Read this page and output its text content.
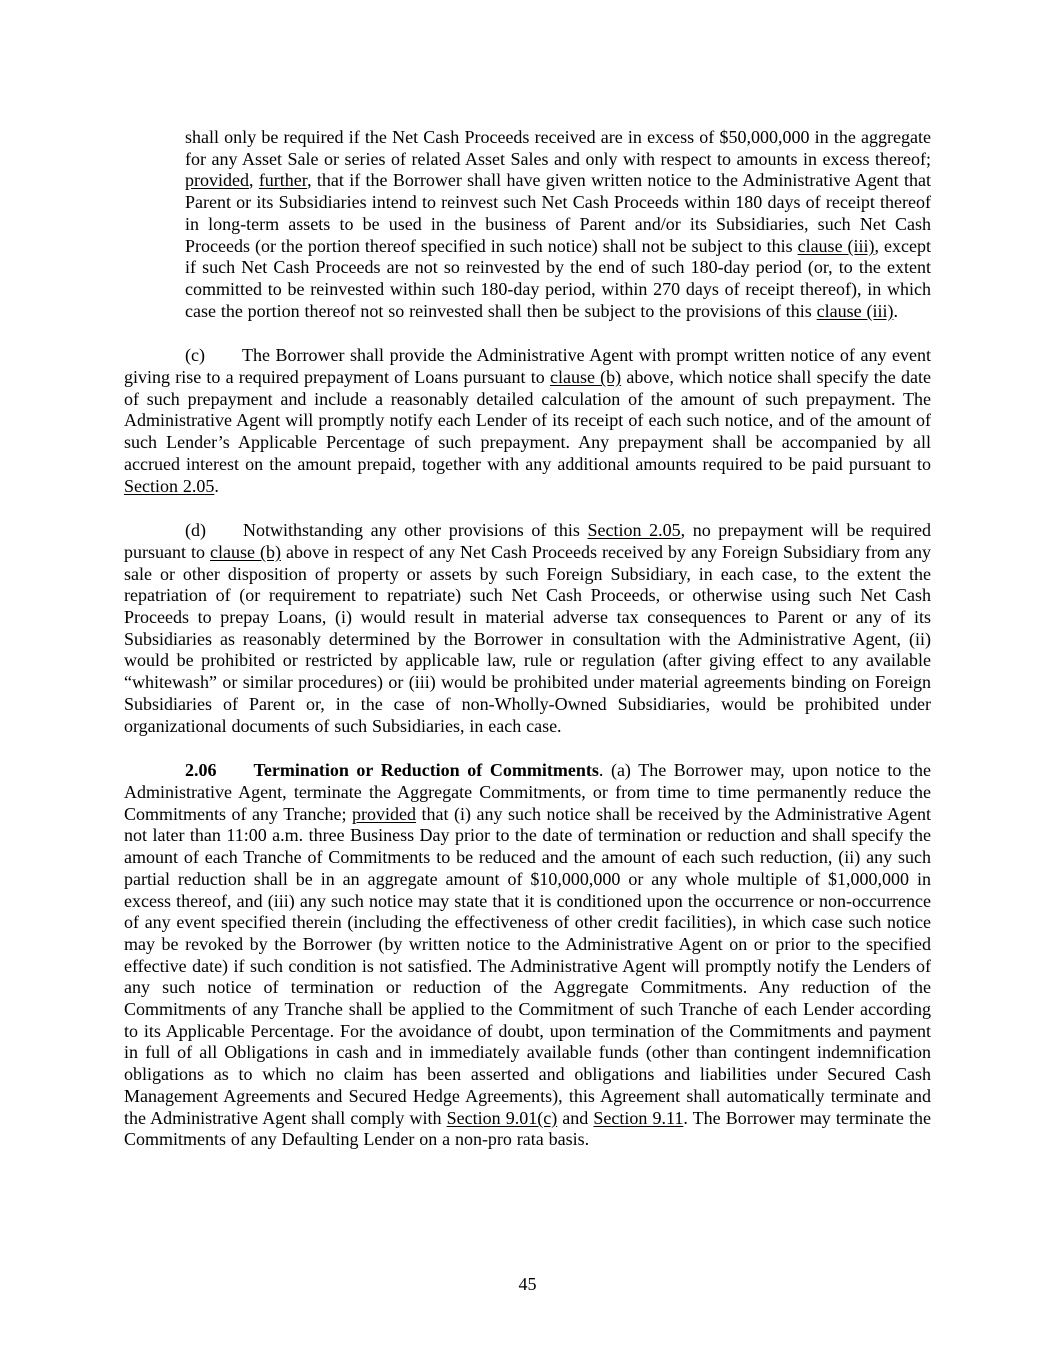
shall only be required if the Net Cash Proceeds received are in excess of $50,000,000 in the aggregate for any Asset Sale or series of related Asset Sales and only with respect to amounts in excess thereof; provided, further, that if the Borrower shall have given written notice to the Administrative Agent that Parent or its Subsidiaries intend to reinvest such Net Cash Proceeds within 180 days of receipt thereof in long-term assets to be used in the business of Parent and/or its Subsidiaries, such Net Cash Proceeds (or the portion thereof specified in such notice) shall not be subject to this clause (iii), except if such Net Cash Proceeds are not so reinvested by the end of such 180-day period (or, to the extent committed to be reinvested within such 180-day period, within 270 days of receipt thereof), in which case the portion thereof not so reinvested shall then be subject to the provisions of this clause (iii).

(c) The Borrower shall provide the Administrative Agent with prompt written notice of any event giving rise to a required prepayment of Loans pursuant to clause (b) above, which notice shall specify the date of such prepayment and include a reasonably detailed calculation of the amount of such prepayment. The Administrative Agent will promptly notify each Lender of its receipt of each such notice, and of the amount of such Lender’s Applicable Percentage of such prepayment. Any prepayment shall be accompanied by all accrued interest on the amount prepaid, together with any additional amounts required to be paid pursuant to Section 2.05.

(d) Notwithstanding any other provisions of this Section 2.05, no prepayment will be required pursuant to clause (b) above in respect of any Net Cash Proceeds received by any Foreign Subsidiary from any sale or other disposition of property or assets by such Foreign Subsidiary, in each case, to the extent the repatriation of (or requirement to repatriate) such Net Cash Proceeds, or otherwise using such Net Cash Proceeds to prepay Loans, (i) would result in material adverse tax consequences to Parent or any of its Subsidiaries as reasonably determined by the Borrower in consultation with the Administrative Agent, (ii) would be prohibited or restricted by applicable law, rule or regulation (after giving effect to any available “whitewash” or similar procedures) or (iii) would be prohibited under material agreements binding on Foreign Subsidiaries of Parent or, in the case of non-Wholly-Owned Subsidiaries, would be prohibited under organizational documents of such Subsidiaries, in each case.

2.06 Termination or Reduction of Commitments. (a) The Borrower may, upon notice to the Administrative Agent, terminate the Aggregate Commitments, or from time to time permanently reduce the Commitments of any Tranche; provided that (i) any such notice shall be received by the Administrative Agent not later than 11:00 a.m. three Business Day prior to the date of termination or reduction and shall specify the amount of each Tranche of Commitments to be reduced and the amount of each such reduction, (ii) any such partial reduction shall be in an aggregate amount of $10,000,000 or any whole multiple of $1,000,000 in excess thereof, and (iii) any such notice may state that it is conditioned upon the occurrence or non-occurrence of any event specified therein (including the effectiveness of other credit facilities), in which case such notice may be revoked by the Borrower (by written notice to the Administrative Agent on or prior to the specified effective date) if such condition is not satisfied. The Administrative Agent will promptly notify the Lenders of any such notice of termination or reduction of the Aggregate Commitments. Any reduction of the Commitments of any Tranche shall be applied to the Commitment of such Tranche of each Lender according to its Applicable Percentage. For the avoidance of doubt, upon termination of the Commitments and payment in full of all Obligations in cash and in immediately available funds (other than contingent indemnification obligations as to which no claim has been asserted and obligations and liabilities under Secured Cash Management Agreements and Secured Hedge Agreements), this Agreement shall automatically terminate and the Administrative Agent shall comply with Section 9.01(c) and Section 9.11. The Borrower may terminate the Commitments of any Defaulting Lender on a non-pro rata basis.

45
